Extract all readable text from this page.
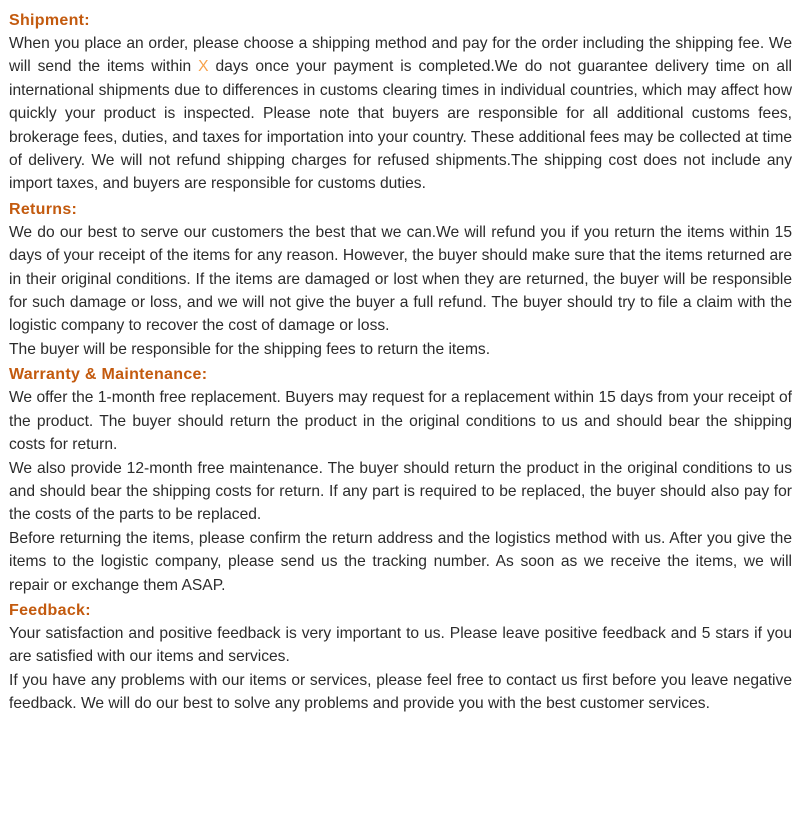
Shipment:

When you place an order, please choose a shipping method and pay for the order including the shipping fee. We will send the items within X days once your payment is completed.We do not guarantee delivery time on all international shipments due to differences in customs clearing times in individual countries, which may affect how quickly your product is inspected. Please note that buyers are responsible for all additional customs fees, brokerage fees, duties, and taxes for importation into your country. These additional fees may be collected at time of delivery. We will not refund shipping charges for refused shipments.The shipping cost does not include any import taxes, and buyers are responsible for customs duties.

Returns:

We do our best to serve our customers the best that we can.We will refund you if you return the items within 15 days of your receipt of the items for any reason. However, the buyer should make sure that the items returned are in their original conditions. If the items are damaged or lost when they are returned, the buyer will be responsible for such damage or loss, and we will not give the buyer a full refund. The buyer should try to file a claim with the logistic company to recover the cost of damage or loss.

The buyer will be responsible for the shipping fees to return the items.

Warranty & Maintenance:

We offer the 1-month free replacement. Buyers may request for a replacement within 15 days from your receipt of the product. The buyer should return the product in the original conditions to us and should bear the shipping costs for return.

We also provide 12-month free maintenance. The buyer should return the product in the original conditions to us and should bear the shipping costs for return. If any part is required to be replaced, the buyer should also pay for the costs of the parts to be replaced.

Before returning the items, please confirm the return address and the logistics method with us. After you give the items to the logistic company, please send us the tracking number. As soon as we receive the items, we will repair or exchange them ASAP.

Feedback:

Your satisfaction and positive feedback is very important to us. Please leave positive feedback and 5 stars if you are satisfied with our items and services.

If you have any problems with our items or services, please feel free to contact us first before you leave negative feedback. We will do our best to solve any problems and provide you with the best customer services.
